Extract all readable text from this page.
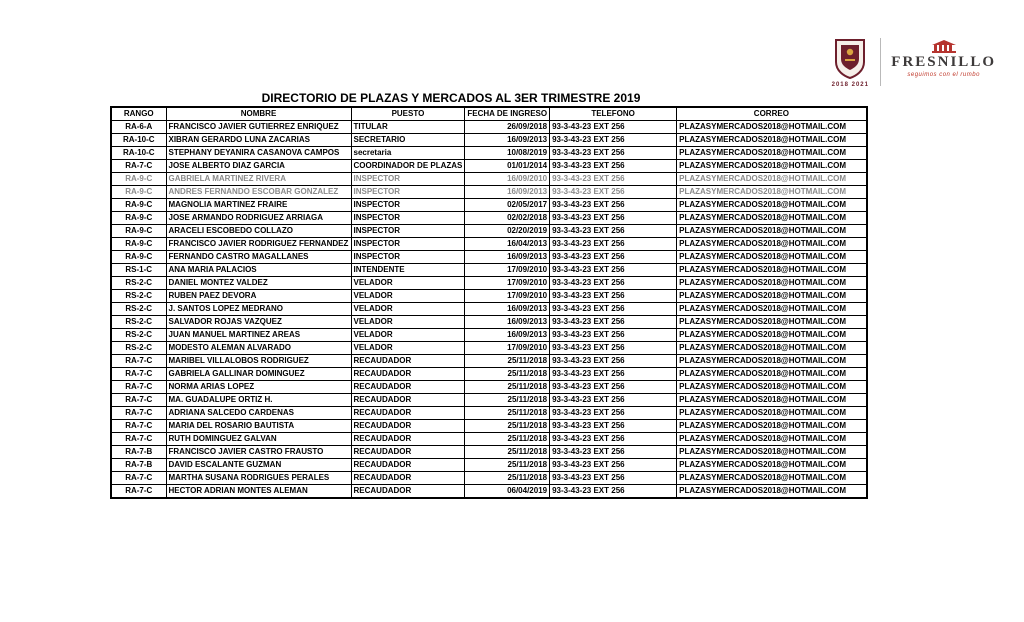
2018 2021
FRESNILLO
seguimos con el rumbo
DIRECTORIO DE PLAZAS Y MERCADOS AL 3ER TRIMESTRE 2019
RANGO	NOMBRE	PUESTO	FECHA DE INGRESO	TELEFONO	CORREO
RA-6-A	FRANCISCO JAVIER GUTIERREZ ENRIQUEZ	TITULAR	26/09/2018	93-3-43-23 EXT 256	PLAZASYMERCADOS2018@HOTMAIL.COM
RA-10-C	XIBRAN GERARDO LUNA ZACARIAS	SECRETARIO	16/09/2013	93-3-43-23 EXT 256	PLAZASYMERCADOS2018@HOTMAIL.COM
RA-10-C	STEPHANY DEYANIRA CASANOVA CAMPOS	secretaria	10/08/2019	93-3-43-23 EXT 256	PLAZASYMERCADOS2018@HOTMAIL.COM
RA-7-C	JOSE ALBERTO DIAZ GARCIA	COORDINADOR DE PLAZAS	01/01/2014	93-3-43-23 EXT 256	PLAZASYMERCADOS2018@HOTMAIL.COM
RA-9-C	GABRIELA MARTINEZ RIVERA	INSPECTOR	16/09/2010	93-3-43-23 EXT 256	PLAZASYMERCADOS2018@HOTMAIL.COM
RA-9-C	ANDRES FERNANDO ESCOBAR GONZALEZ	INSPECTOR	16/09/2013	93-3-43-23 EXT 256	PLAZASYMERCADOS2018@HOTMAIL.COM
RA-9-C	MAGNOLIA MARTINEZ FRAIRE	INSPECTOR	02/05/2017	93-3-43-23 EXT 256	PLAZASYMERCADOS2018@HOTMAIL.COM
RA-9-C	JOSE ARMANDO RODRIGUEZ ARRIAGA	INSPECTOR	02/02/2018	93-3-43-23 EXT 256	PLAZASYMERCADOS2018@HOTMAIL.COM
RA-9-C	ARACELI ESCOBEDO COLLAZO	INSPECTOR	02/20/2019	93-3-43-23 EXT 256	PLAZASYMERCADOS2018@HOTMAIL.COM
RA-9-C	FRANCISCO JAVIER RODRIGUEZ FERNANDEZ	INSPECTOR	16/04/2013	93-3-43-23 EXT 256	PLAZASYMERCADOS2018@HOTMAIL.COM
RA-9-C	FERNANDO CASTRO MAGALLANES	INSPECTOR	16/09/2013	93-3-43-23 EXT 256	PLAZASYMERCADOS2018@HOTMAIL.COM
RS-1-C	ANA MARIA PALACIOS	INTENDENTE	17/09/2010	93-3-43-23 EXT 256	PLAZASYMERCADOS2018@HOTMAIL.COM
RS-2-C	DANIEL MONTEZ VALDEZ	VELADOR	17/09/2010	93-3-43-23 EXT 256	PLAZASYMERCADOS2018@HOTMAIL.COM
RS-2-C	RUBEN PAEZ DEVORA	VELADOR	17/09/2010	93-3-43-23 EXT 256	PLAZASYMERCADOS2018@HOTMAIL.COM
RS-2-C	J. SANTOS LOPEZ MEDRANO	VELADOR	16/09/2013	93-3-43-23 EXT 256	PLAZASYMERCADOS2018@HOTMAIL.COM
RS-2-C	SALVADOR ROJAS VAZQUEZ	VELADOR	16/09/2013	93-3-43-23 EXT 256	PLAZASYMERCADOS2018@HOTMAIL.COM
RS-2-C	JUAN MANUEL MARTINEZ AREAS	VELADOR	16/09/2013	93-3-43-23 EXT 256	PLAZASYMERCADOS2018@HOTMAIL.COM
RS-2-C	MODESTO ALEMAN ALVARADO	VELADOR	17/09/2010	93-3-43-23 EXT 256	PLAZASYMERCADOS2018@HOTMAIL.COM
RA-7-C	MARIBEL VILLALOBOS RODRIGUEZ	RECAUDADOR	25/11/2018	93-3-43-23 EXT 256	PLAZASYMERCADOS2018@HOTMAIL.COM
RA-7-C	GABRIELA GALLINAR DOMINGUEZ	RECAUDADOR	25/11/2018	93-3-43-23 EXT 256	PLAZASYMERCADOS2018@HOTMAIL.COM
RA-7-C	NORMA ARIAS LOPEZ	RECAUDADOR	25/11/2018	93-3-43-23 EXT 256	PLAZASYMERCADOS2018@HOTMAIL.COM
RA-7-C	MA. GUADALUPE ORTIZ H.	RECAUDADOR	25/11/2018	93-3-43-23 EXT 256	PLAZASYMERCADOS2018@HOTMAIL.COM
RA-7-C	ADRIANA SALCEDO CARDENAS	RECAUDADOR	25/11/2018	93-3-43-23 EXT 256	PLAZASYMERCADOS2018@HOTMAIL.COM
RA-7-C	MARIA DEL ROSARIO BAUTISTA	RECAUDADOR	25/11/2018	93-3-43-23 EXT 256	PLAZASYMERCADOS2018@HOTMAIL.COM
RA-7-C	RUTH DOMINGUEZ GALVAN	RECAUDADOR	25/11/2018	93-3-43-23 EXT 256	PLAZASYMERCADOS2018@HOTMAIL.COM
RA-7-B	FRANCISCO JAVIER CASTRO FRAUSTO	RECAUDADOR	25/11/2018	93-3-43-23 EXT 256	PLAZASYMERCADOS2018@HOTMAIL.COM
RA-7-B	DAVID ESCALANTE GUZMAN	RECAUDADOR	25/11/2018	93-3-43-23 EXT 256	PLAZASYMERCADOS2018@HOTMAIL.COM
RA-7-C	MARTHA SUSANA RODRIGUES PERALES	RECAUDADOR	25/11/2018	93-3-43-23 EXT 256	PLAZASYMERCADOS2018@HOTMAIL.COM
RA-7-C	HECTOR ADRIAN MONTES ALEMAN	RECAUDADOR	06/04/2019	93-3-43-23 EXT 256	PLAZASYMERCADOS2018@HOTMAIL.COM
